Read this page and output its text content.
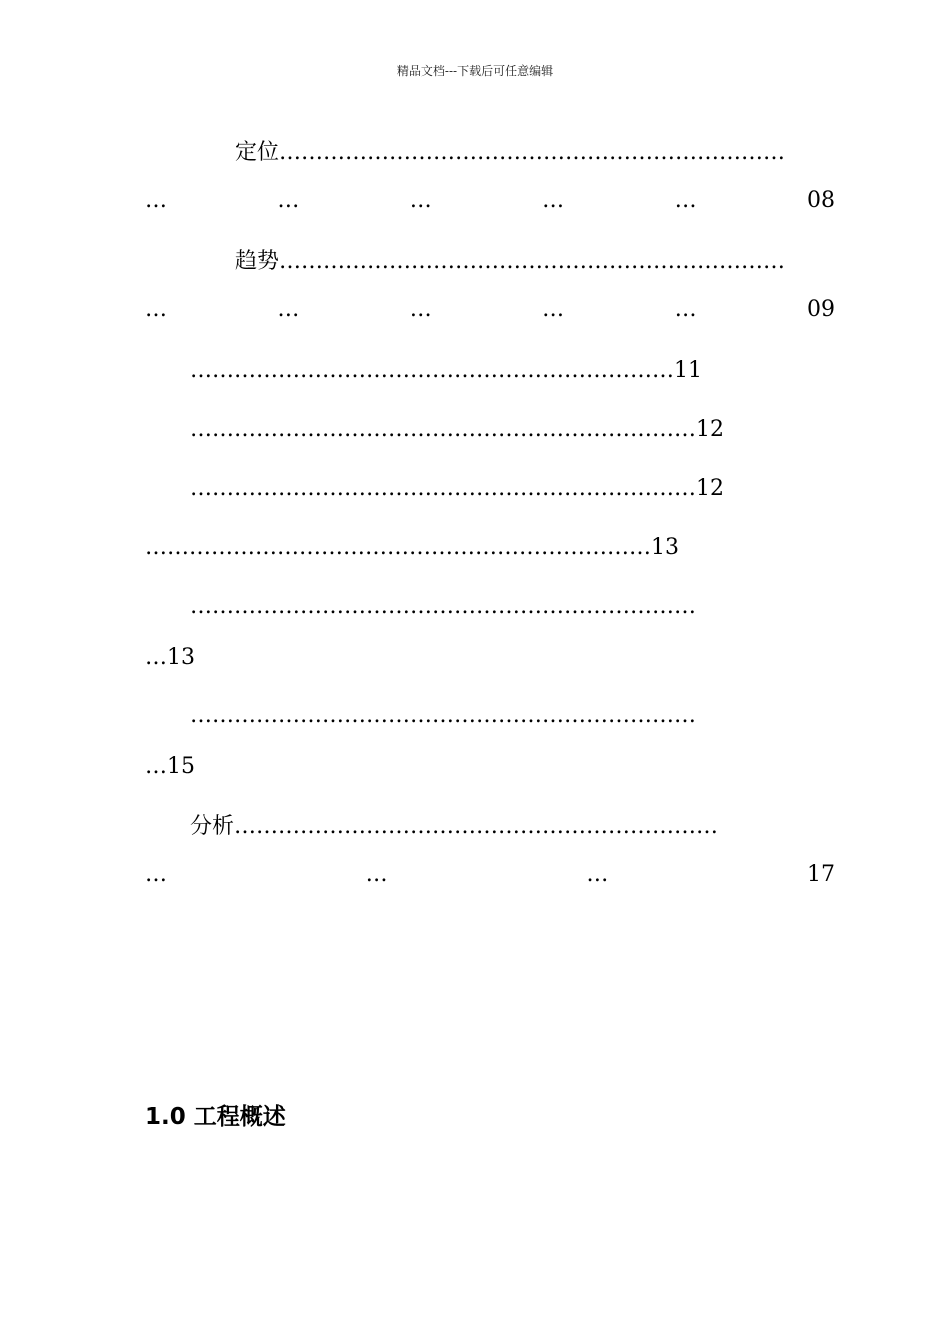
精品文档---下载后可任意编辑
定位……………………………………………………………
…	…	…	…	…	08
趋势……………………………………………………………
…	…	…	…	…	09
…………………………………………………………11
……………………………………………………………12
……………………………………………………………12
……………………………………………………………13
……………………………………………………………
…13
……………………………………………………………
…15
分析…………………………………………………………
…	…	…	17
1.0 工程概述
